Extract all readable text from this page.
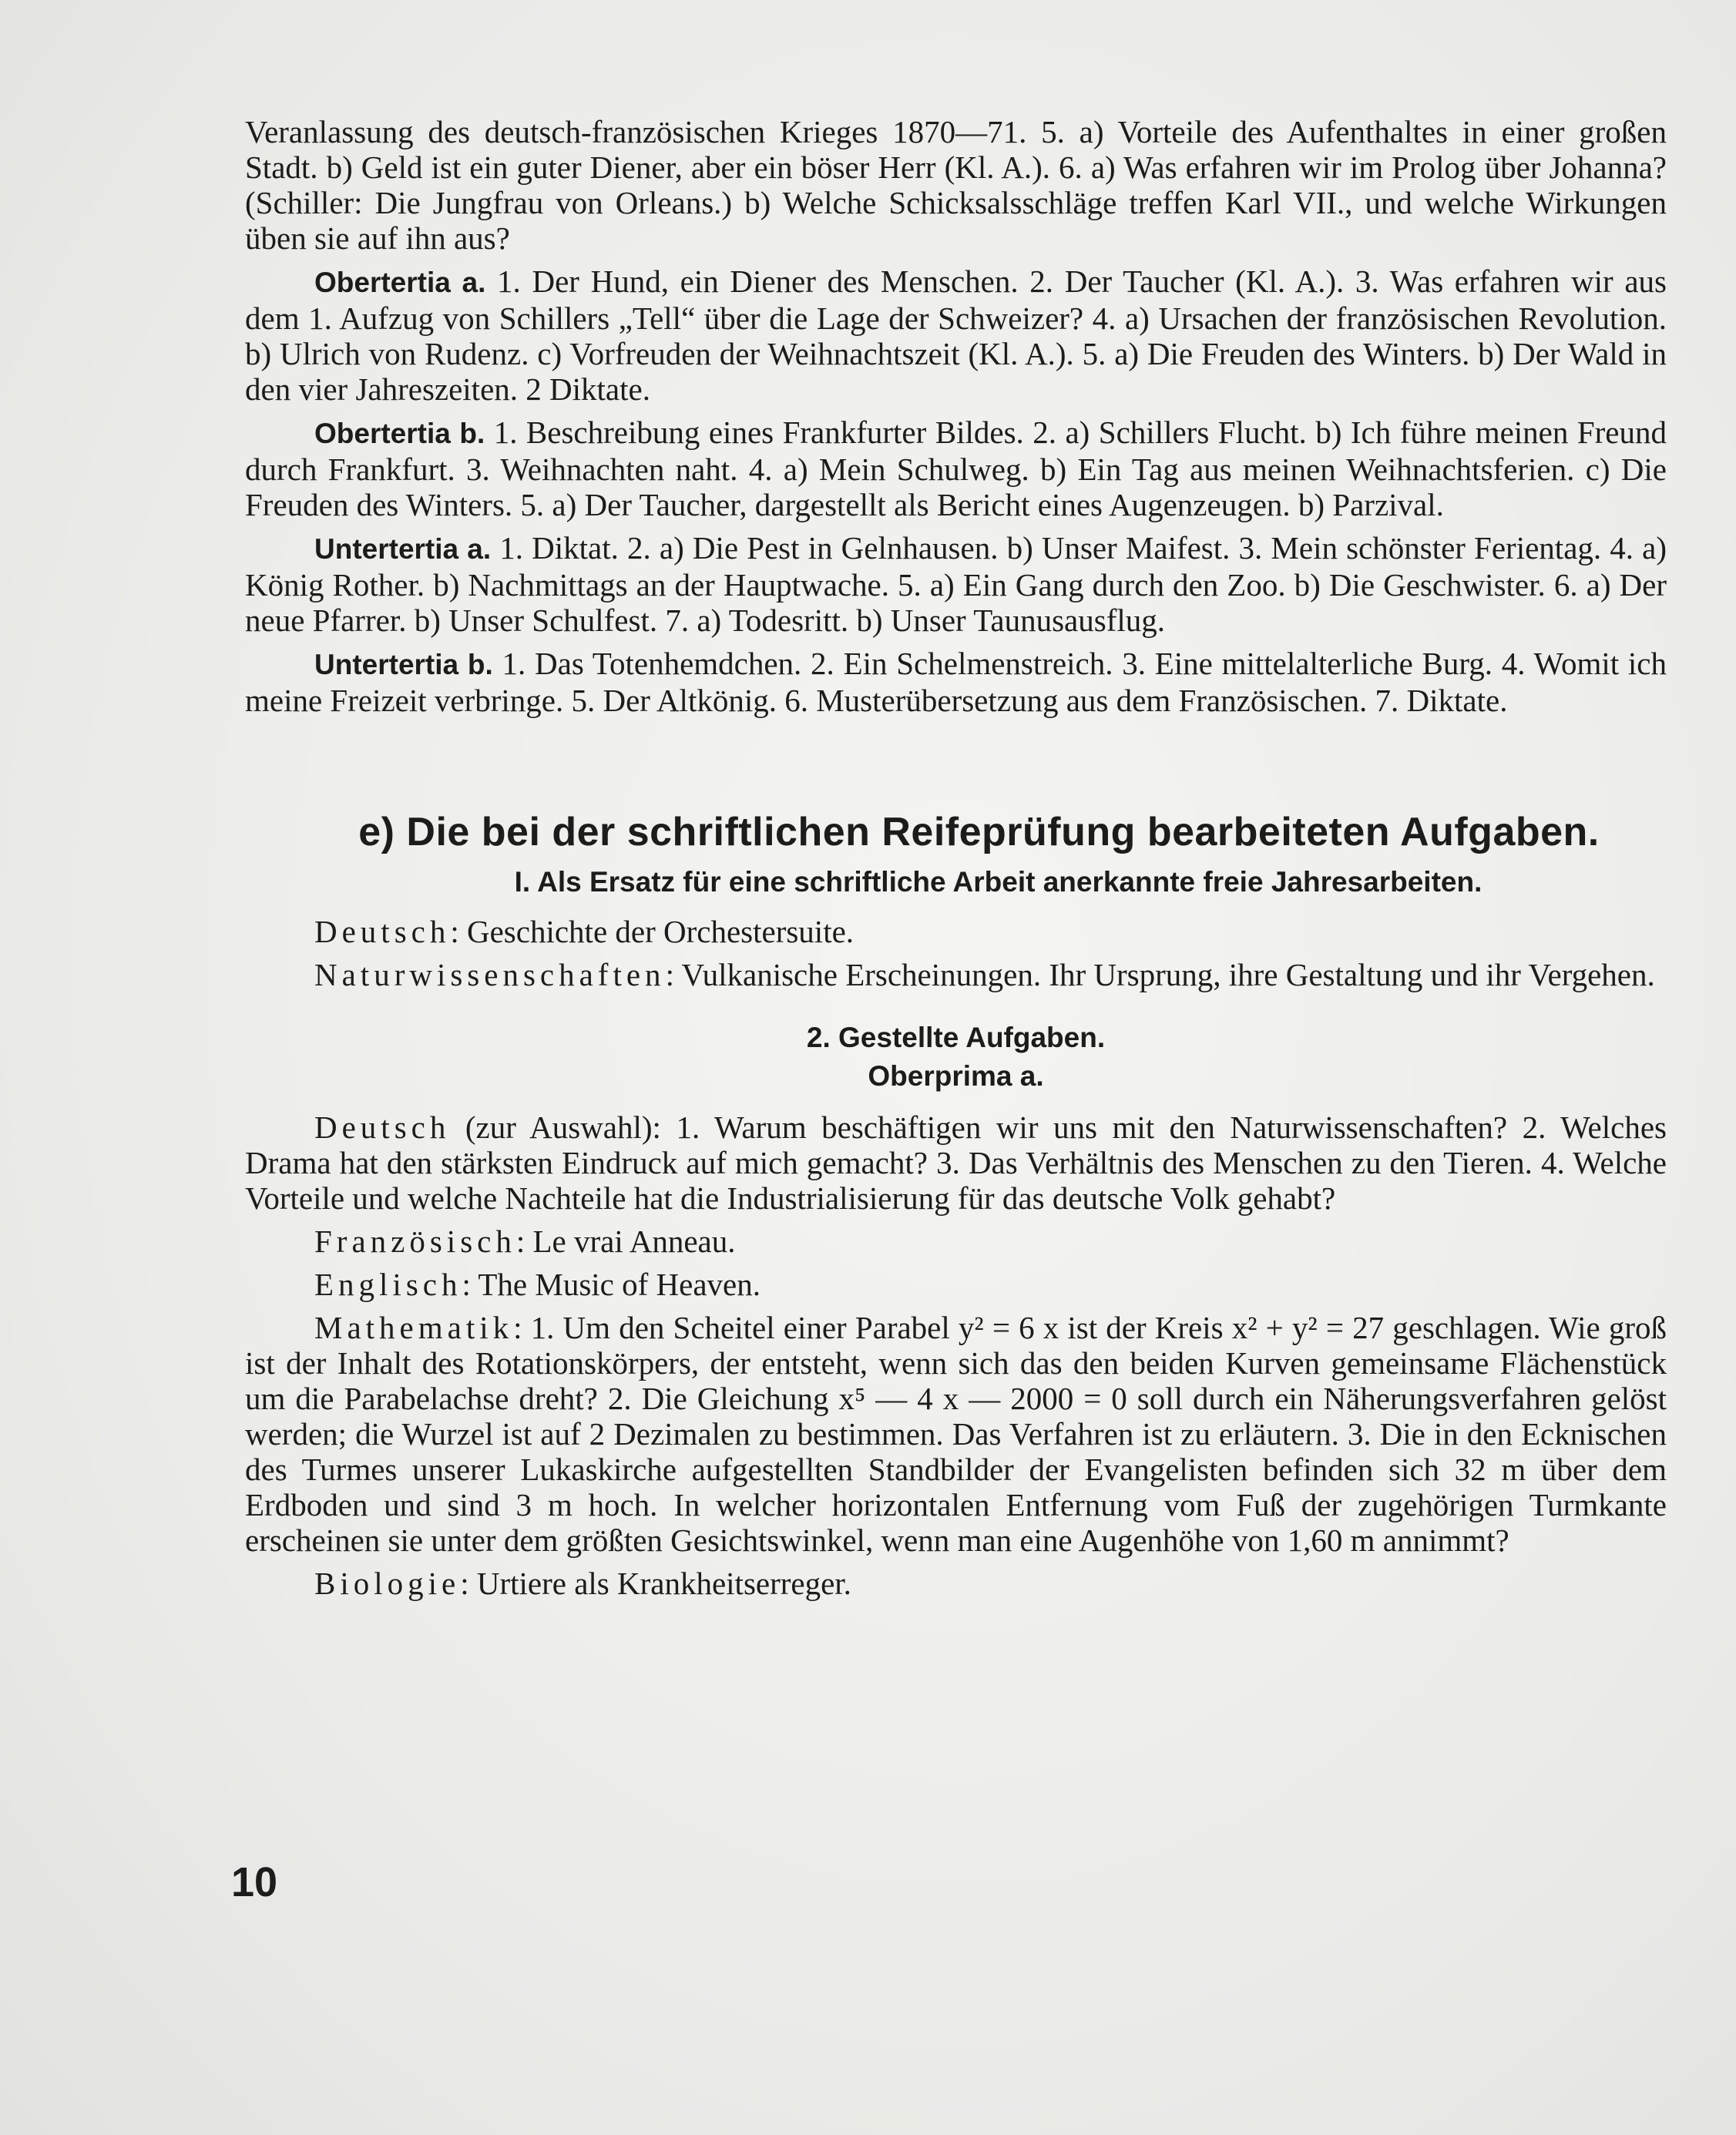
Veranlassung des deutsch-französischen Krieges 1870—71. 5. a) Vorteile des Aufenthaltes in einer großen Stadt. b) Geld ist ein guter Diener, aber ein böser Herr (Kl. A.). 6. a) Was erfahren wir im Prolog über Johanna? (Schiller: Die Jungfrau von Orleans.) b) Welche Schicksalsschläge treffen Karl VII., und welche Wirkungen üben sie auf ihn aus?

Obertertia a. 1. Der Hund, ein Diener des Menschen. 2. Der Taucher (Kl. A.). 3. Was erfahren wir aus dem 1. Aufzug von Schillers „Tell“ über die Lage der Schweizer? 4. a) Ursachen der französischen Revolution. b) Ulrich von Rudenz. c) Vorfreuden der Weihnachtszeit (Kl. A.). 5. a) Die Freuden des Winters. b) Der Wald in den vier Jahreszeiten. 2 Diktate.

Obertertia b. 1. Beschreibung eines Frankfurter Bildes. 2. a) Schillers Flucht. b) Ich führe meinen Freund durch Frankfurt. 3. Weihnachten naht. 4. a) Mein Schulweg. b) Ein Tag aus meinen Weihnachtsferien. c) Die Freuden des Winters. 5. a) Der Taucher, dargestellt als Bericht eines Augenzeugen. b) Parzival.

Untertertia a. 1. Diktat. 2. a) Die Pest in Gelnhausen. b) Unser Maifest. 3. Mein schönster Ferientag. 4. a) König Rother. b) Nachmittags an der Hauptwache. 5. a) Ein Gang durch den Zoo. b) Die Geschwister. 6. a) Der neue Pfarrer. b) Unser Schulfest. 7. a) Todesritt. b) Unser Taunusausflug.

Untertertia b. 1. Das Totenhemdchen. 2. Ein Schelmenstreich. 3. Eine mittelalterliche Burg. 4. Womit ich meine Freizeit verbringe. 5. Der Altkönig. 6. Musterübersetzung aus dem Französischen. 7. Diktate.

e) Die bei der schriftlichen Reifeprüfung bearbeiteten Aufgaben.
I. Als Ersatz für eine schriftliche Arbeit anerkannte freie Jahresarbeiten.

Deutsch: Geschichte der Orchestersuite.

Naturwissenschaften: Vulkanische Erscheinungen. Ihr Ursprung, ihre Gestaltung und ihr Vergehen.

2. Gestellte Aufgaben.
Oberprima a.

Deutsch (zur Auswahl): 1. Warum beschäftigen wir uns mit den Naturwissenschaften? 2. Welches Drama hat den stärksten Eindruck auf mich gemacht? 3. Das Verhältnis des Menschen zu den Tieren. 4. Welche Vorteile und welche Nachteile hat die Industrialisierung für das deutsche Volk gehabt?

Französisch: Le vrai Anneau.

Englisch: The Music of Heaven.

Mathematik: 1. Um den Scheitel einer Parabel y² = 6 x ist der Kreis x² + y² = 27 geschlagen. Wie groß ist der Inhalt des Rotationskörpers, der entsteht, wenn sich das den beiden Kurven gemeinsame Flächenstück um die Parabelachse dreht? 2. Die Gleichung x⁵ — 4 x — 2000 = 0 soll durch ein Näherungsverfahren gelöst werden; die Wurzel ist auf 2 Dezimalen zu bestimmen. Das Verfahren ist zu erläutern. 3. Die in den Ecknischen des Turmes unserer Lukaskirche aufgestellten Standbilder der Evangelisten befinden sich 32 m über dem Erdboden und sind 3 m hoch. In welcher horizontalen Entfernung vom Fuß der zugehörigen Turmkante erscheinen sie unter dem größten Gesichtswinkel, wenn man eine Augenhöhe von 1,60 m annimmt?

Biologie: Urtiere als Krankheitserreger.

10
